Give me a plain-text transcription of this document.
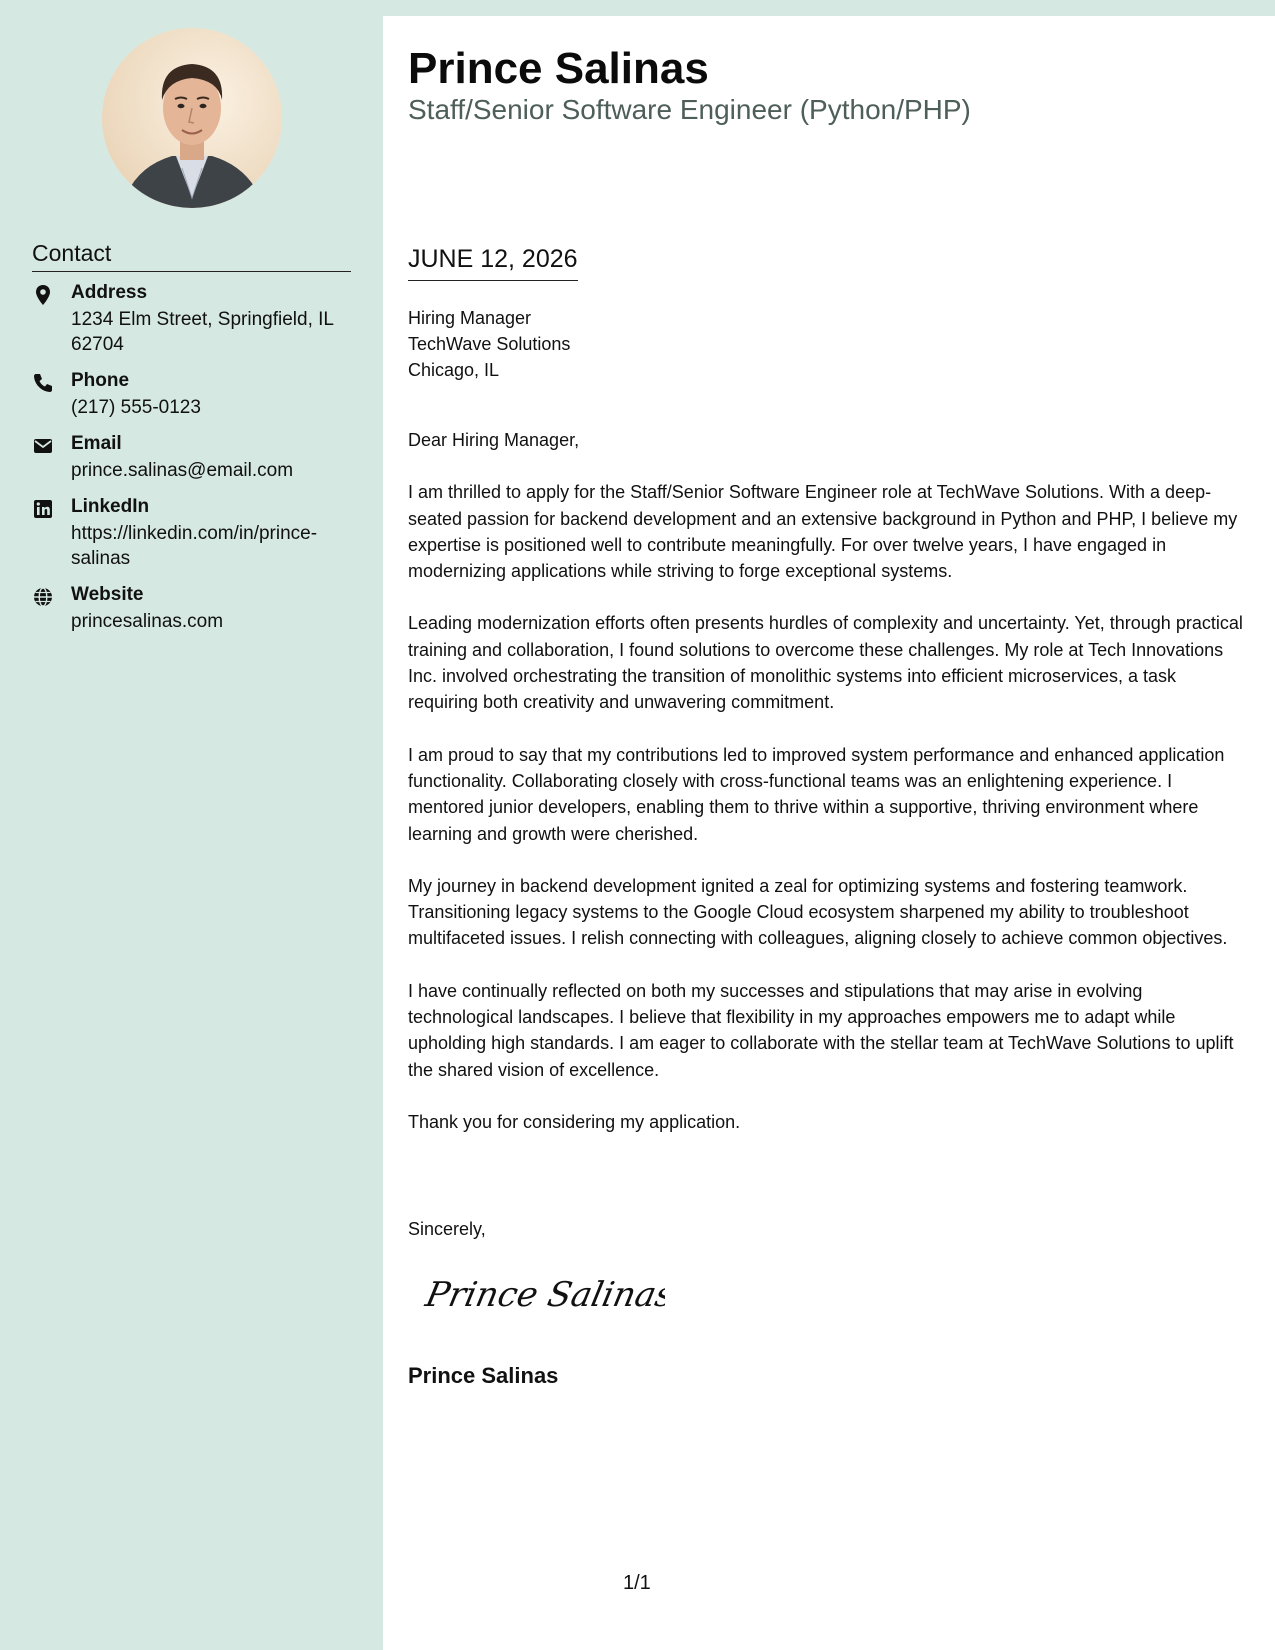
Contact
Address
1234 Elm Street, Springfield, IL 62704
Phone
(217) 555-0123
Email
prince.salinas@email.com
LinkedIn
https://linkedin.com/in/prince-salinas
Website
princesalinas.com
Prince Salinas
Staff/Senior Software Engineer (Python/PHP)
JUNE 12, 2026
Hiring Manager
TechWave Solutions
Chicago, IL

Dear Hiring Manager,

I am thrilled to apply for the Staff/Senior Software Engineer role at TechWave Solutions. With a deep-seated passion for backend development and an extensive background in Python and PHP, I believe my expertise is positioned well to contribute meaningfully. For over twelve years, I have engaged in modernizing applications while striving to forge exceptional systems.

Leading modernization efforts often presents hurdles of complexity and uncertainty. Yet, through practical training and collaboration, I found solutions to overcome these challenges. My role at Tech Innovations Inc. involved orchestrating the transition of monolithic systems into efficient microservices, a task requiring both creativity and unwavering commitment.

I am proud to say that my contributions led to improved system performance and enhanced application functionality. Collaborating closely with cross-functional teams was an enlightening experience. I mentored junior developers, enabling them to thrive within a supportive, thriving environment where learning and growth were cherished.

My journey in backend development ignited a zeal for optimizing systems and fostering teamwork. Transitioning legacy systems to the Google Cloud ecosystem sharpened my ability to troubleshoot multifaceted issues. I relish connecting with colleagues, aligning closely to achieve common objectives.

I have continually reflected on both my successes and stipulations that may arise in evolving technological landscapes. I believe that flexibility in my approaches empowers me to adapt while upholding high standards. I am eager to collaborate with the stellar team at TechWave Solutions to uplift the shared vision of excellence.

Thank you for considering my application.

Sincerely,
Prince Salinas
Prince Salinas
1/1
